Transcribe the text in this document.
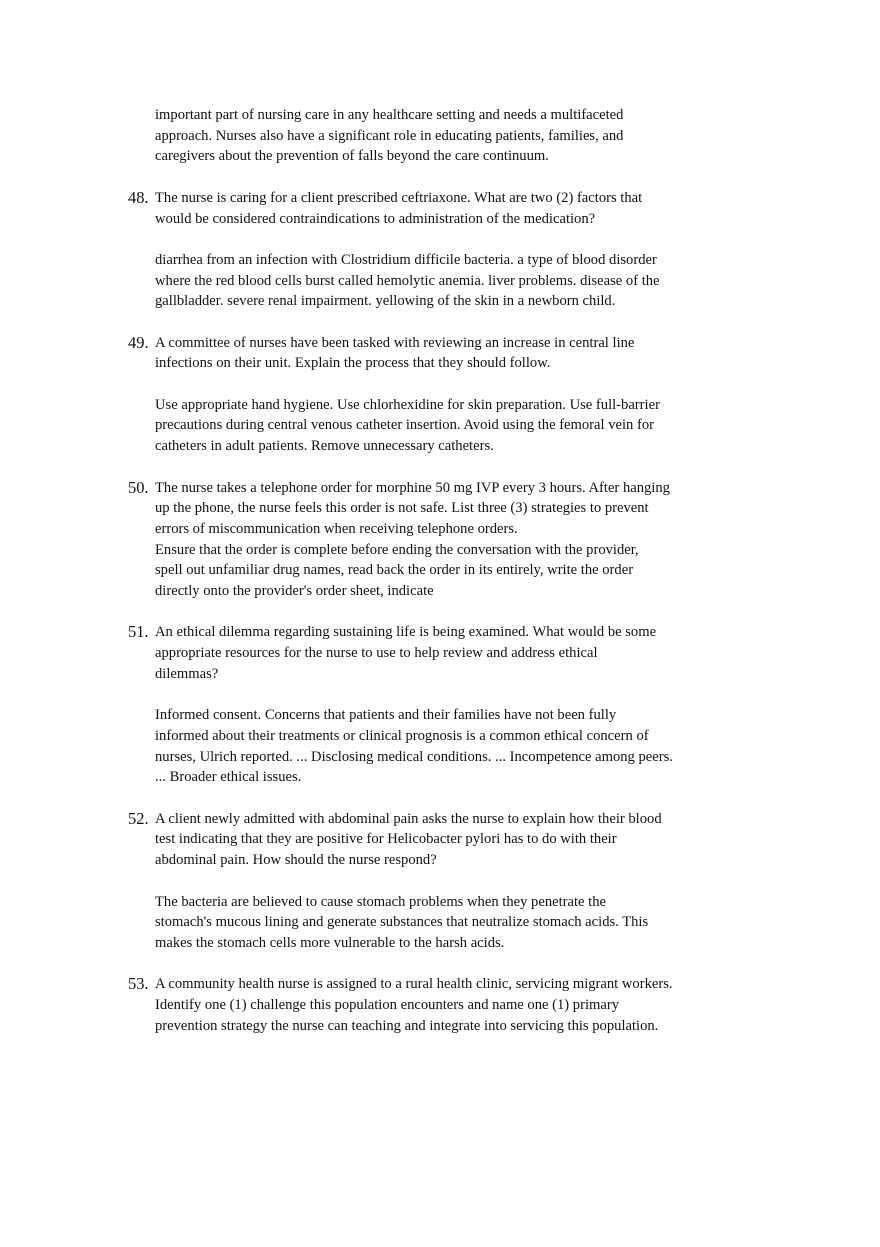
important part of nursing care in any healthcare setting and needs a multifaceted
approach. Nurses also have a significant role in educating patients, families, and
caregivers about the prevention of falls beyond the care continuum.

48. The nurse is caring for a client prescribed ceftriaxone. What are two (2) factors that
would be considered contraindications to administration of the medication?
diarrhea from an infection with Clostridium difficile bacteria. a type of blood disorder
where the red blood cells burst called hemolytic anemia. liver problems. disease of the
gallbladder. severe renal impairment. yellowing of the skin in a newborn child.
49. A committee of nurses have been tasked with reviewing an increase in central line
infections on their unit. Explain the process that they should follow.
Use appropriate hand hygiene. Use chlorhexidine for skin preparation. Use full-barrier
precautions during central venous catheter insertion. Avoid using the femoral vein for
catheters in adult patients. Remove unnecessary catheters.
50. The nurse takes a telephone order for morphine 50 mg IVP every 3 hours. After hanging
up the phone, the nurse feels this order is not safe. List three (3) strategies to prevent
errors of miscommunication when receiving telephone orders.
Ensure that the order is complete before ending the conversation with the provider,
spell out unfamiliar drug names, read back the order in its entirely, write the order
directly onto the provider's order sheet, indicate
51. An ethical dilemma regarding sustaining life is being examined. What would be some
appropriate resources for the nurse to use to help review and address ethical
dilemmas?
Informed consent. Concerns that patients and their families have not been fully
informed about their treatments or clinical prognosis is a common ethical concern of
nurses, Ulrich reported. ... Disclosing medical conditions. ... Incompetence among peers.
... Broader ethical issues.
52. A client newly admitted with abdominal pain asks the nurse to explain how their blood
test indicating that they are positive for Helicobacter pylori has to do with their
abdominal pain. How should the nurse respond?
The bacteria are believed to cause stomach problems when they penetrate the
stomach's mucous lining and generate substances that neutralize stomach acids. This
makes the stomach cells more vulnerable to the harsh acids.
53. A community health nurse is assigned to a rural health clinic, servicing migrant workers.
Identify one (1) challenge this population encounters and name one (1) primary
prevention strategy the nurse can teaching and integrate into servicing this population.
